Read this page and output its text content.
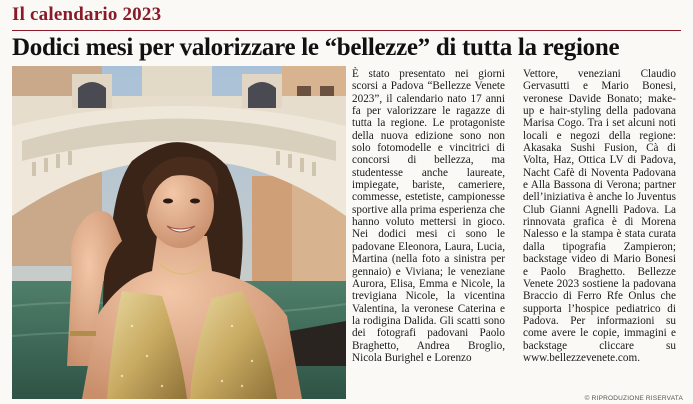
Il calendario 2023
Dodici mesi per valorizzare le “bellezze” di tutta la regione
È stato presentato nei giorni scorsi a Padova “Bellezze Venete 2023”, il calendario nato 17 anni fa per valorizzare le ragazze di tutta la regione. Le protagoniste della nuova edizione sono non solo fotomodelle e vincitrici di concorsi di bellezza, ma studentesse anche laureate, impiegate, bariste, cameriere, commesse, estetiste, campionesse sportive alla prima esperienza che hanno voluto mettersi in gioco. Nei dodici mesi ci sono le padovane Eleonora, Laura, Lucia, Martina (nella foto a sinistra per gennaio) e Viviana; le veneziane Aurora, Elisa, Emma e Nicole, la trevigiana Nicole, la vicentina Valentina, la veronese Caterina e la rodigina Dalida. Gli scatti sono dei fotografi padovani Paolo Braghetto, Andrea Broglio, Nicola Burighel e Lorenzo
Vettore, veneziani Claudio Gervasutti e Mario Bonesi, veronese Davide Bonato; make-up e hair-styling della padovana Marisa Cogo. Tra i set alcuni noti locali e negozi della regione: Akasaka Sushi Fusion, Cà di Volta, Haz, Ottica LV di Padova, Nacht Cafè di Noventa Padovana e Alla Bassona di Verona; partner dell’iniziativa è anche lo Juventus Club Gianni Agnelli Padova. La rinnovata grafica è di Morena Nalesso e la stampa è stata curata dalla tipografia Zampieron; backstage video di Mario Bonesi e Paolo Braghetto. Bellezze Venete 2023 sostiene la padovana Braccio di Ferro Rfe Onlus che supporta l’hospice pediatrico di Padova. Per informazioni su come avere le copie, immagini e backstage cliccare su www.bellezzevenete.com.
© RIPRODUZIONE RISERVATA
